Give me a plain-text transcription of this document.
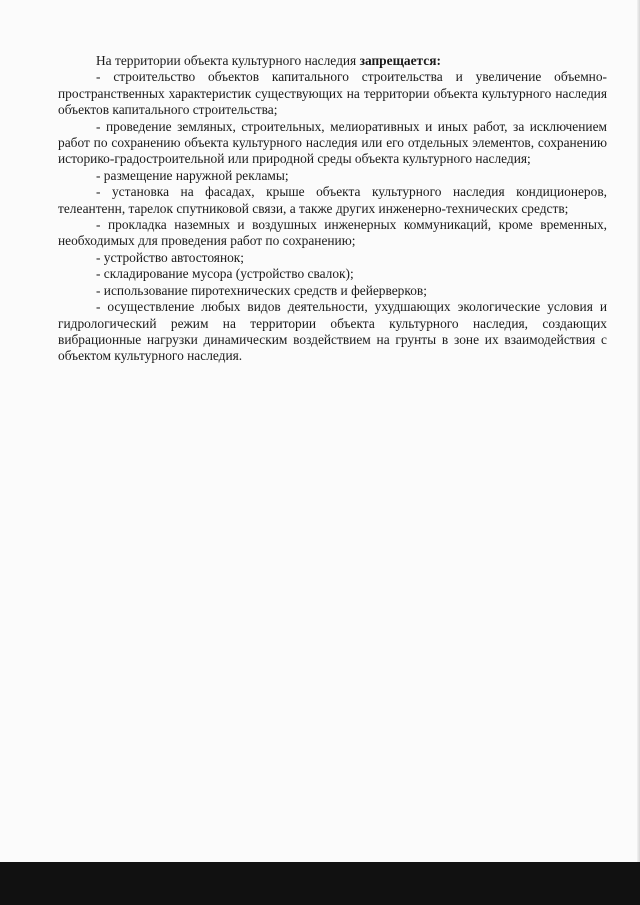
На территории объекта культурного наследия запрещается:

- строительство объектов капитального строительства и увеличение объемно-пространственных характеристик существующих на территории объекта культурного наследия объектов капитального строительства;

- проведение земляных, строительных, мелиоративных и иных работ, за исключением работ по сохранению объекта культурного наследия или его отдельных элементов, сохранению историко-градостроительной или природной среды объекта культурного наследия;

- размещение наружной рекламы;

- установка на фасадах, крыше объекта культурного наследия кондиционеров, телеантенн, тарелок спутниковой связи, а также других инженерно-технических средств;

- прокладка наземных и воздушных инженерных коммуникаций, кроме временных, необходимых для проведения работ по сохранению;

- устройство автостоянок;

- складирование мусора (устройство свалок);

- использование пиротехнических средств и фейерверков;

- осуществление любых видов деятельности, ухудшающих экологические условия и гидрологический режим на территории объекта культурного наследия, создающих вибрационные нагрузки динамическим воздействием на грунты в зоне их взаимодействия с объектом культурного наследия.
